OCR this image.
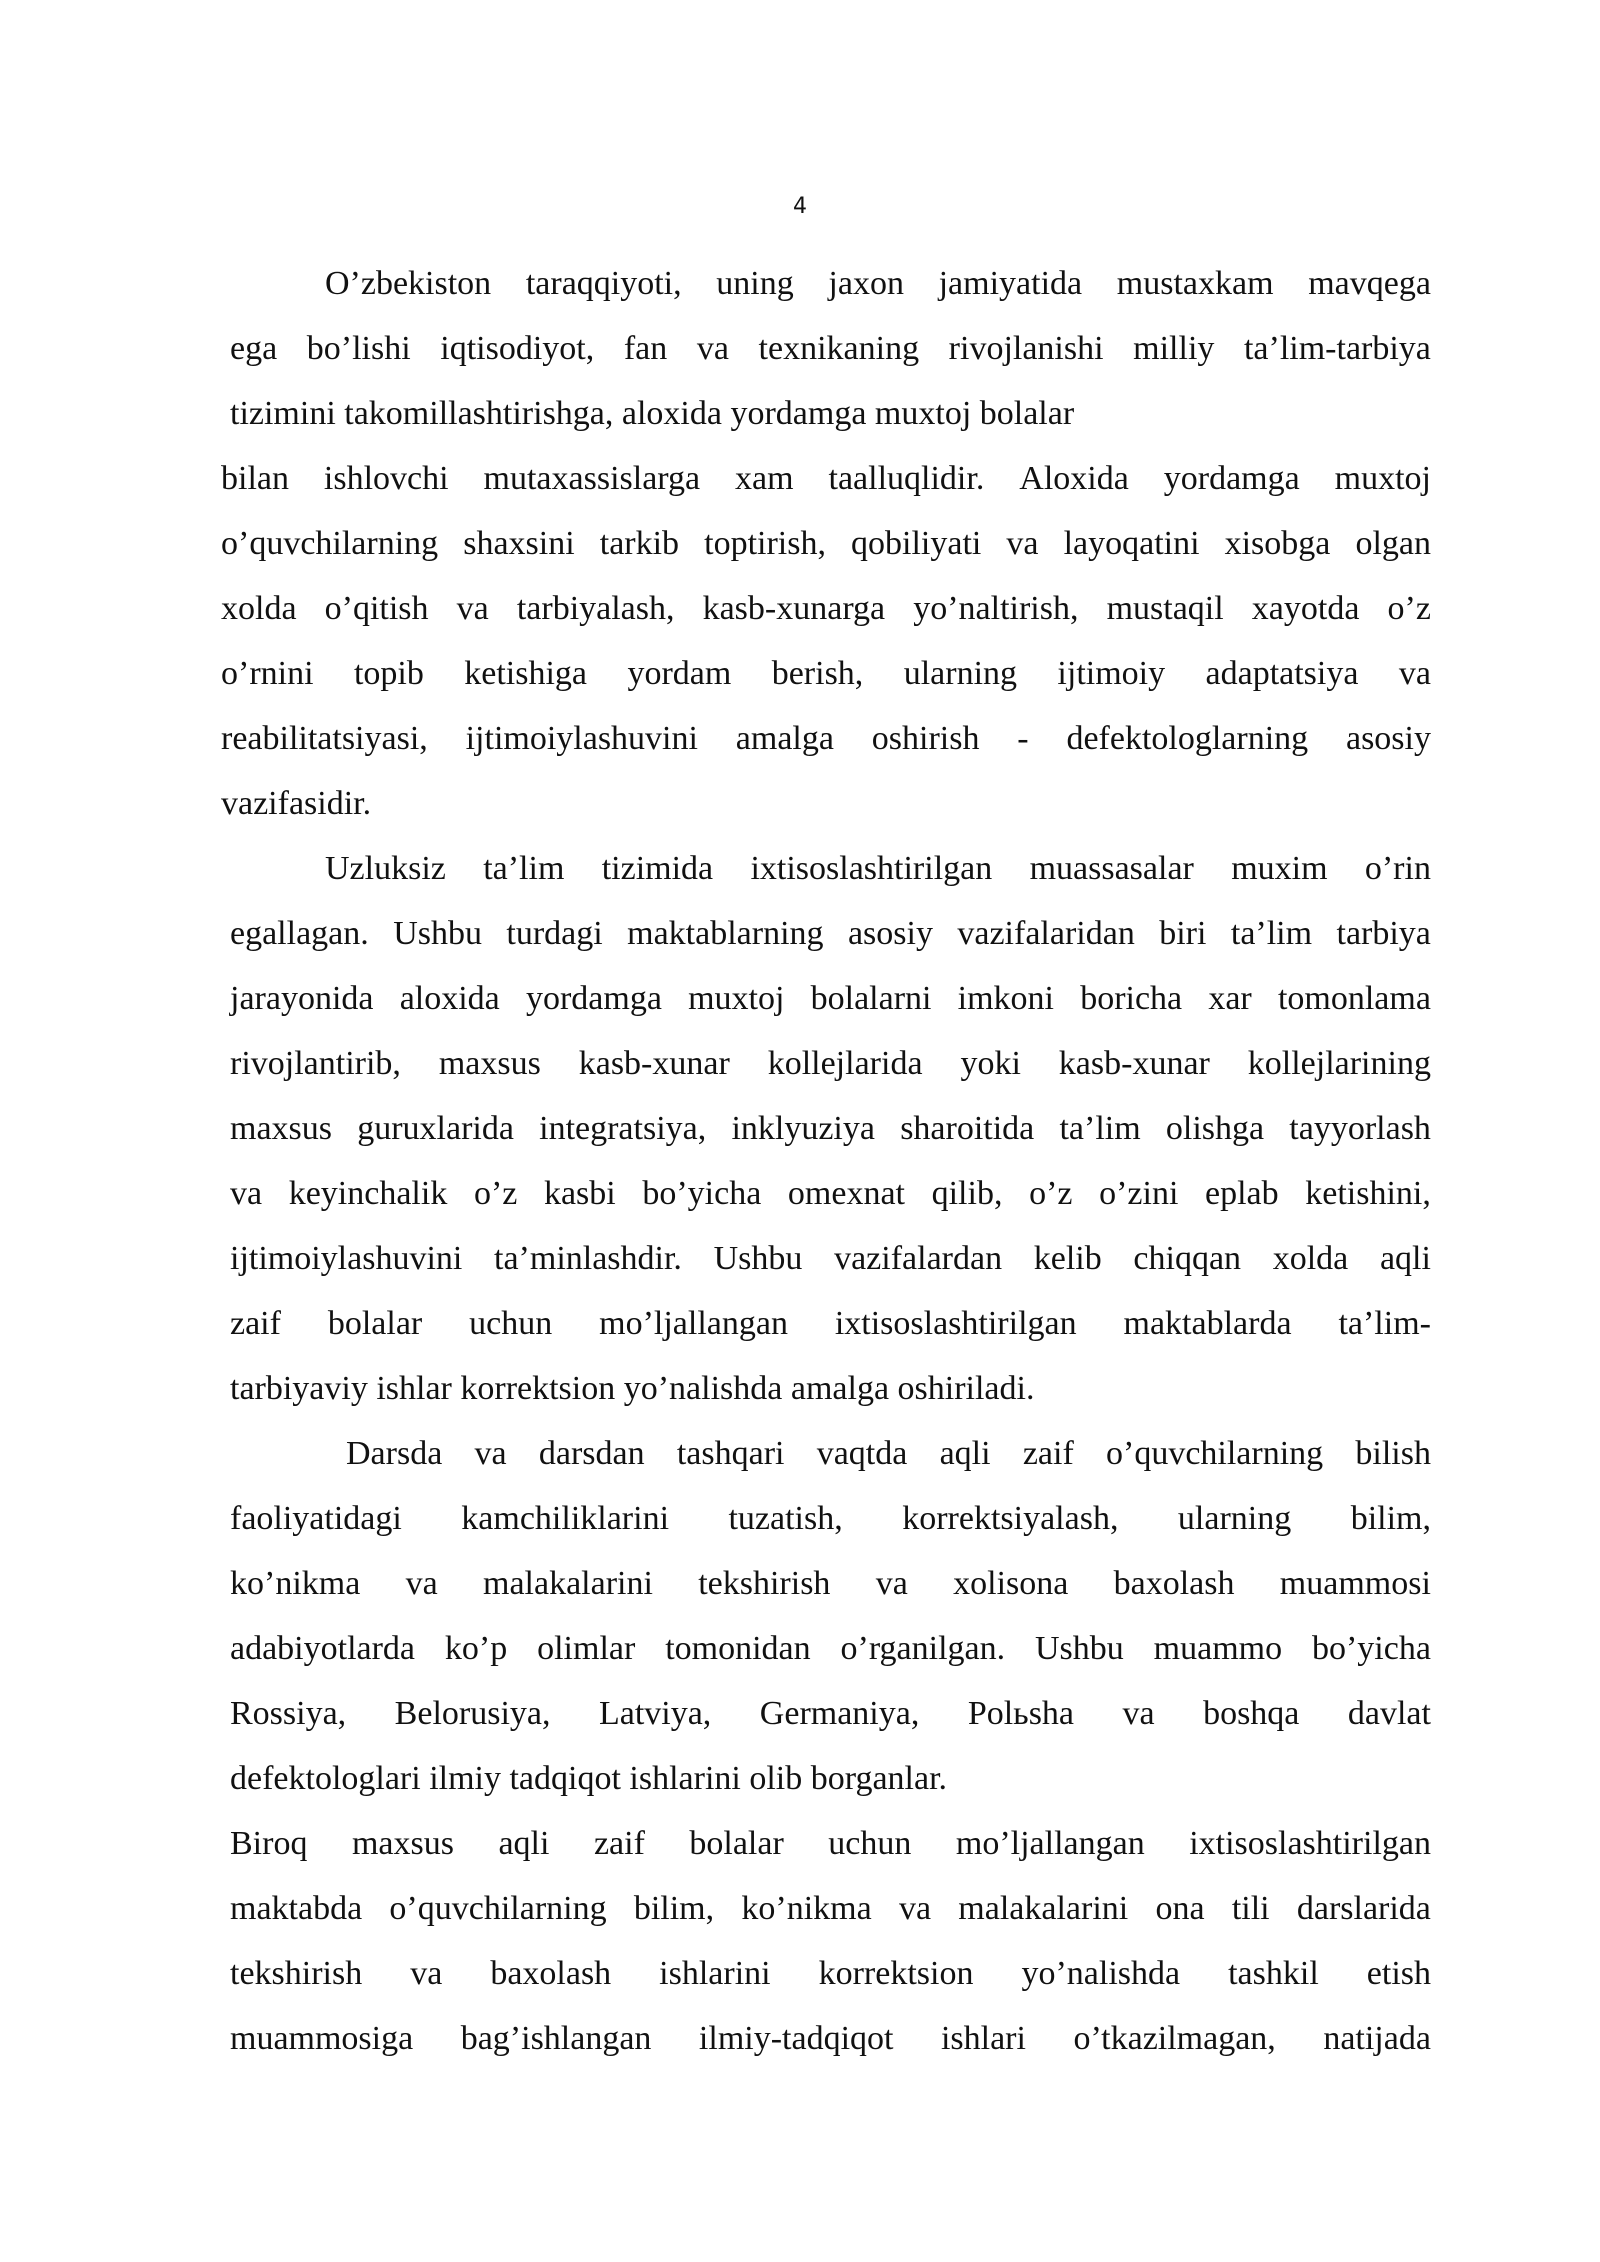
4
O’zbekiston taraqqiyoti, uning jaxon jamiyatida mustaxkam mavqega
ega bo’lishi iqtisodiyot, fan va texnikaning rivojlanishi milliy ta’lim-tarbiya
tizimini takomillashtirishga, aloxida yordamga muxtoj bolalar
bilan ishlovchi mutaxassislarga xam taalluqlidir. Aloxida yordamga muxtoj
o’quvchilarning shaxsini tarkib toptirish, qobiliyati va layoqatini xisobga olgan
xolda o’qitish va tarbiyalash, kasb-xunarga yo’naltirish, mustaqil xayotda o’z
o’rnini topib ketishiga yordam berish, ularning ijtimoiy adaptatsiya va
reabilitatsiyasi, ijtimoiylashuvini amalga oshirish - defektologlarning asosiy
vazifasidir.
Uzluksiz ta’lim tizimida ixtisoslashtirilgan muassasalar muxim o’rin
egallagan. Ushbu turdagi maktablarning asosiy vazifalaridan biri ta’lim tarbiya
jarayonida aloxida yordamga muxtoj bolalarni imkoni boricha xar tomonlama
rivojlantirib, maxsus kasb-xunar kollejlarida yoki kasb-xunar kollejlarining
maxsus guruxlarida integratsiya, inklyuziya sharoitida ta’lim olishga tayyorlash
va keyinchalik o’z kasbi bo’yicha omexnat qilib, o’z o’zini eplab ketishini,
ijtimoiylashuvini ta’minlashdir. Ushbu vazifalardan kelib chiqqan xolda aqli
zaif bolalar uchun mo’ljallangan ixtisoslashtirilgan maktablarda ta’lim-
tarbiyaviy ishlar korrektsion yo’nalishda amalga oshiriladi.
Darsda va darsdan tashqari vaqtda aqli zaif o’quvchilarning bilish
faoliyatidagi kamchiliklarini tuzatish, korrektsiyalash, ularning bilim,
ko’nikma va malakalarini tekshirish va xolisona baxolash muammosi
adabiyotlarda ko’p olimlar tomonidan o’rganilgan. Ushbu muammo bo’yicha
Rossiya, Belorusiya, Latviya, Germaniya, Polьsha va boshqa davlat
defektologlari ilmiy tadqiqot ishlarini olib borganlar.
Biroq maxsus aqli zaif bolalar uchun mo’ljallangan ixtisoslashtirilgan
maktabda o’quvchilarning bilim, ko’nikma va malakalarini ona tili darslarida
tekshirish va baxolash ishlarini korrektsion yo’nalishda tashkil etish
muammosiga bag’ishlangan ilmiy-tadqiqot ishlari o’tkazilmagan, natijada
